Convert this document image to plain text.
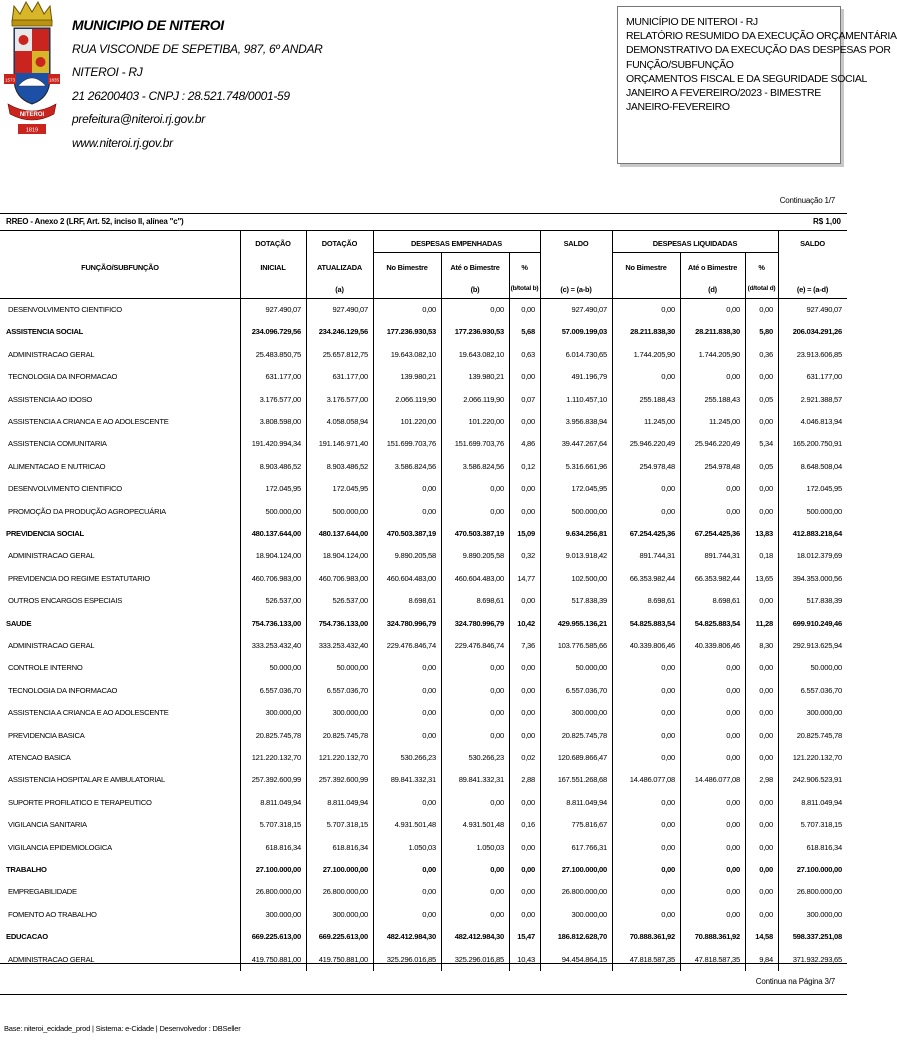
1573	1835
NITEROI
1819
MUNICIPIO DE NITEROI
RUA VISCONDE DE SEPETIBA, 987, 6º ANDAR
NITEROI - RJ
21 26200403 - CNPJ : 28.521.748/0001-59
prefeitura@niteroi.rj.gov.br
www.niteroi.rj.gov.br
MUNICÍPIO DE NITEROI - RJ
RELATÓRIO RESUMIDO DA EXECUÇÃO ORÇAMENTÁRIA
DEMONSTRATIVO DA EXECUÇÃO DAS DESPESAS POR
FUNÇÃO/SUBFUNÇÃO
ORÇAMENTOS FISCAL E DA SEGURIDADE SOCIAL
JANEIRO A FEVEREIRO/2023 - BIMESTRE
JANEIRO-FEVEREIRO
Continuação 1/7
RREO - Anexo 2 (LRF, Art. 52, inciso II, alínea "c")	R$ 1,00
FUNÇÃO/SUBFUNÇÃO
DOTAÇÃO
INICIAL
DOTAÇÃO
ATUALIZADA
(a)
DESPESAS EMPENHADAS
No Bimestre	Até o Bimestre
(b)
%
(b/total b)
SALDO
(c) = (a-b)
DESPESAS LIQUIDADAS
No Bimestre	Até o Bimestre
(d)
%
(d/total d)
SALDO
(e) = (a-d)
DESENVOLVIMENTO CIENTIFICO	927.490,07	927.490,07	0,00	0,00	0,00	927.490,07	0,00	0,00	0,00	927.490,07
ASSISTENCIA SOCIAL	234.096.729,56	234.246.129,56	177.236.930,53	177.236.930,53	5,68	57.009.199,03	28.211.838,30	28.211.838,30	5,80	206.034.291,26
ADMINISTRACAO GERAL	25.483.850,75	25.657.812,75	19.643.082,10	19.643.082,10	0,63	6.014.730,65	1.744.205,90	1.744.205,90	0,36	23.913.606,85
TECNOLOGIA DA INFORMACAO	631.177,00	631.177,00	139.980,21	139.980,21	0,00	491.196,79	0,00	0,00	0,00	631.177,00
ASSISTENCIA AO IDOSO	3.176.577,00	3.176.577,00	2.066.119,90	2.066.119,90	0,07	1.110.457,10	255.188,43	255.188,43	0,05	2.921.388,57
ASSISTENCIA A CRIANCA E AO ADOLESCENTE	3.808.598,00	4.058.058,94	101.220,00	101.220,00	0,00	3.956.838,94	11.245,00	11.245,00	0,00	4.046.813,94
ASSISTENCIA COMUNITARIA	191.420.994,34	191.146.971,40	151.699.703,76	151.699.703,76	4,86	39.447.267,64	25.946.220,49	25.946.220,49	5,34	165.200.750,91
ALIMENTACAO E NUTRICAO	8.903.486,52	8.903.486,52	3.586.824,56	3.586.824,56	0,12	5.316.661,96	254.978,48	254.978,48	0,05	8.648.508,04
DESENVOLVIMENTO CIENTIFICO	172.045,95	172.045,95	0,00	0,00	0,00	172.045,95	0,00	0,00	0,00	172.045,95
PROMOÇÃO DA PRODUÇÃO AGROPECUÁRIA	500.000,00	500.000,00	0,00	0,00	0,00	500.000,00	0,00	0,00	0,00	500.000,00
PREVIDENCIA SOCIAL	480.137.644,00	480.137.644,00	470.503.387,19	470.503.387,19	15,09	9.634.256,81	67.254.425,36	67.254.425,36	13,83	412.883.218,64
ADMINISTRACAO GERAL	18.904.124,00	18.904.124,00	9.890.205,58	9.890.205,58	0,32	9.013.918,42	891.744,31	891.744,31	0,18	18.012.379,69
PREVIDENCIA DO REGIME ESTATUTARIO	460.706.983,00	460.706.983,00	460.604.483,00	460.604.483,00	14,77	102.500,00	66.353.982,44	66.353.982,44	13,65	394.353.000,56
OUTROS ENCARGOS ESPECIAIS	526.537,00	526.537,00	8.698,61	8.698,61	0,00	517.838,39	8.698,61	8.698,61	0,00	517.838,39
SAUDE	754.736.133,00	754.736.133,00	324.780.996,79	324.780.996,79	10,42	429.955.136,21	54.825.883,54	54.825.883,54	11,28	699.910.249,46
ADMINISTRACAO GERAL	333.253.432,40	333.253.432,40	229.476.846,74	229.476.846,74	7,36	103.776.585,66	40.339.806,46	40.339.806,46	8,30	292.913.625,94
CONTROLE INTERNO	50.000,00	50.000,00	0,00	0,00	0,00	50.000,00	0,00	0,00	0,00	50.000,00
TECNOLOGIA DA INFORMACAO	6.557.036,70	6.557.036,70	0,00	0,00	0,00	6.557.036,70	0,00	0,00	0,00	6.557.036,70
ASSISTENCIA A CRIANCA E AO ADOLESCENTE	300.000,00	300.000,00	0,00	0,00	0,00	300.000,00	0,00	0,00	0,00	300.000,00
PREVIDENCIA BASICA	20.825.745,78	20.825.745,78	0,00	0,00	0,00	20.825.745,78	0,00	0,00	0,00	20.825.745,78
ATENCAO BASICA	121.220.132,70	121.220.132,70	530.266,23	530.266,23	0,02	120.689.866,47	0,00	0,00	0,00	121.220.132,70
ASSISTENCIA HOSPITALAR E AMBULATORIAL	257.392.600,99	257.392.600,99	89.841.332,31	89.841.332,31	2,88	167.551.268,68	14.486.077,08	14.486.077,08	2,98	242.906.523,91
SUPORTE PROFILATICO E TERAPEUTICO	8.811.049,94	8.811.049,94	0,00	0,00	0,00	8.811.049,94	0,00	0,00	0,00	8.811.049,94
VIGILANCIA SANITARIA	5.707.318,15	5.707.318,15	4.931.501,48	4.931.501,48	0,16	775.816,67	0,00	0,00	0,00	5.707.318,15
VIGILANCIA EPIDEMIOLOGICA	618.816,34	618.816,34	1.050,03	1.050,03	0,00	617.766,31	0,00	0,00	0,00	618.816,34
TRABALHO	27.100.000,00	27.100.000,00	0,00	0,00	0,00	27.100.000,00	0,00	0,00	0,00	27.100.000,00
EMPREGABILIDADE	26.800.000,00	26.800.000,00	0,00	0,00	0,00	26.800.000,00	0,00	0,00	0,00	26.800.000,00
FOMENTO AO TRABALHO	300.000,00	300.000,00	0,00	0,00	0,00	300.000,00	0,00	0,00	0,00	300.000,00
EDUCACAO	669.225.613,00	669.225.613,00	482.412.984,30	482.412.984,30	15,47	186.812.628,70	70.888.361,92	70.888.361,92	14,58	598.337.251,08
ADMINISTRACAO GERAL	419.750.881,00	419.750.881,00	325.296.016,85	325.296.016,85	10,43	94.454.864,15	47.818.587,35	47.818.587,35	9,84	371.932.293,65
Continua na Página 3/7
Base: niteroi_ecidade_prod | Sistema: e-Cidade | Desenvolvedor : DBSeller
